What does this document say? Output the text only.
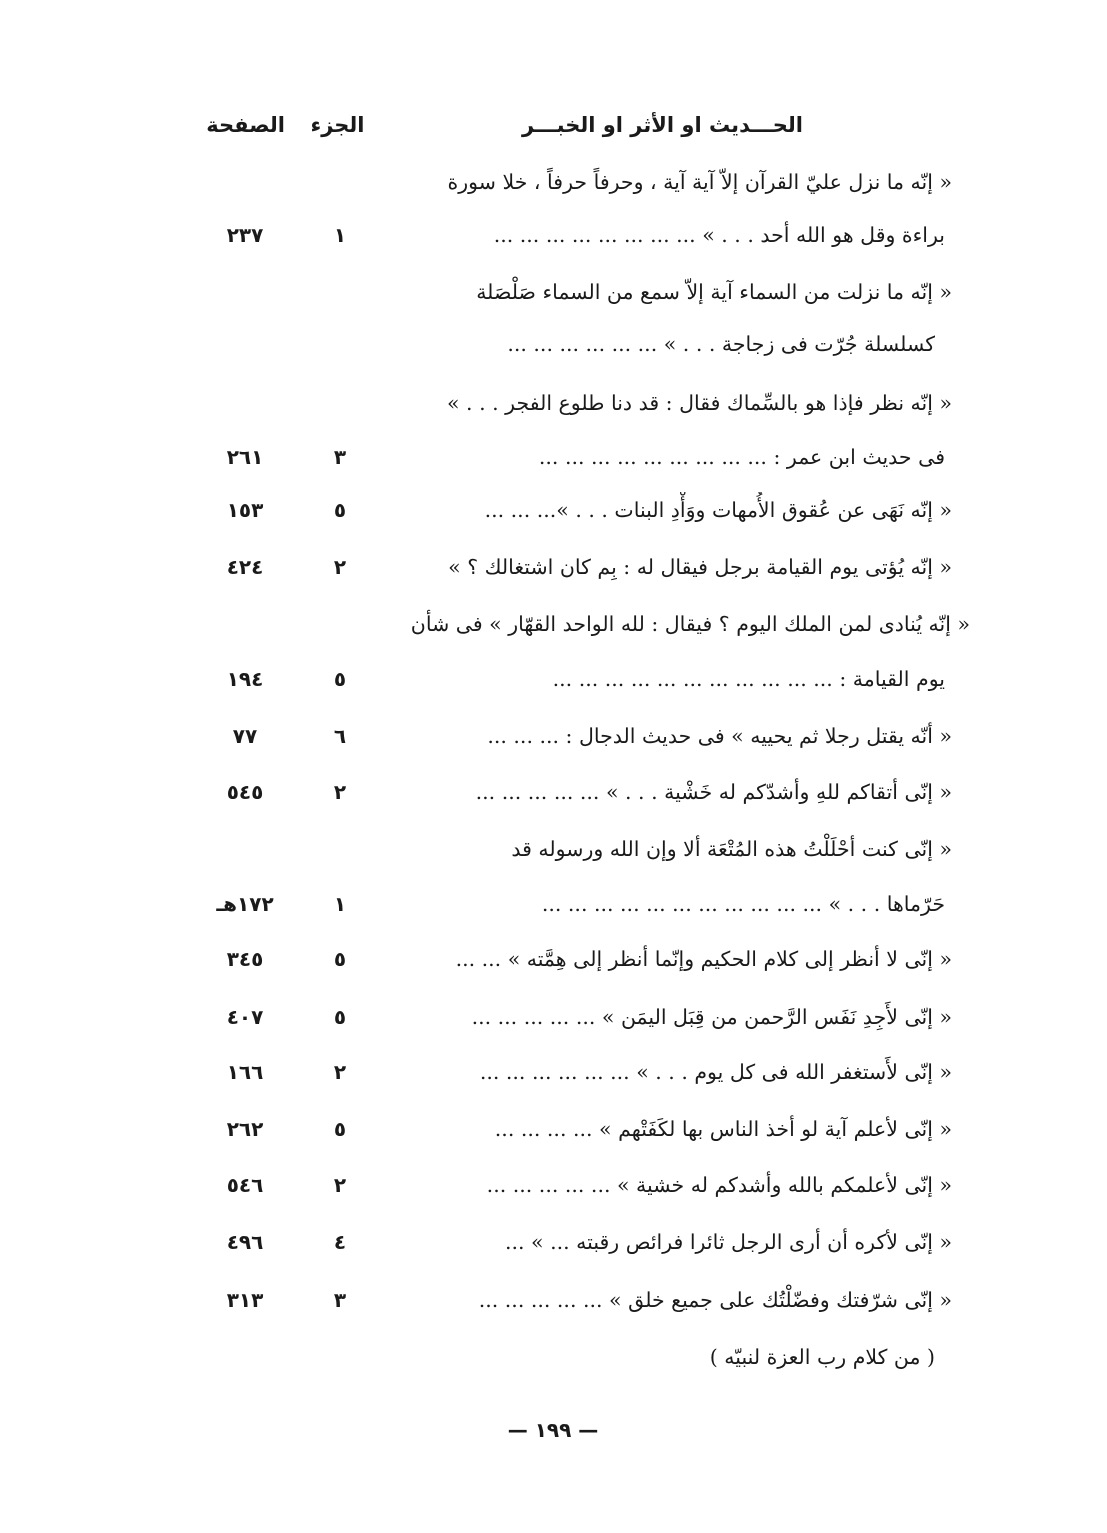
الصفحة	الجزء	الحـــديث او الأثر او الخبـــر
« إنّه ما نزل عليّ القرآن إلاّ آية آية ، وحرفاً حرفاً ، خلا سورة
٢٣٧	١	براءة وقل هو الله أحد . . . » ... ... ... ... ... ... ... ...
« إنّه ما نزلت من السماء آية إلاّ سمع من السماء صَلْصَلة
كسلسلة جُرّت فى زجاجة . . . » ... ... ... ... ... ...
« إنّه نظر فإذا هو بالسِّماك فقال : قد دنا طلوع الفجر . . . »
٢٦١	٣	فى حديث ابن عمر : ... ... ... ... ... ... ... ... ...
١٥٣	٥	« إنّه نَهَى عن عُقوق الأُمهات ووَأْدِ البنات . . . »... ... ...
٤٢٤	٢	« إنّه يُؤتى يوم القيامة برجل فيقال له : بِم كان اشتغالك ؟ »
« إنّه يُنادى لمن الملك اليوم ؟ فيقال : لله الواحد القهّار » فى شأن
١٩٤	٥	يوم القيامة : ... ... ... ... ... ... ... ... ... ... ...
٧٧	٦	« أنّه يقتل رجلا ثم يحييه » فى حديث الدجال : ... ... ...
٥٤٥	٢	« إنّى أتقاكم للهِ وأشدّكم له خَشْية . . . » ... ... ... ... ...
« إنّى كنت أحْلَلْتُ هذه المُتْعَة ألا وإن الله ورسوله قد
١٧٢هـ	١	حَرّماها . . . » ... ... ... ... ... ... ... ... ... ... ...
٣٤٥	٥	« إنّى لا أنظر إلى كلام الحكيم وإنّما أنظر إلى هِمَّته » ... ...
٤٠٧	٥	« إنّى لأَجِدِ نَفَس الرَّحمن من قِبَل اليمَن » ... ... ... ... ...
١٦٦	٢	« إنّى لأَستغفر الله فى كل يوم . . . » ... ... ... ... ... ...
٢٦٢	٥	« إنّى لأعلم آية لو أخذ الناس بها لكَفَتْهم » ... ... ... ...
٥٤٦	٢	« إنّى لأعلمكم بالله وأشدكم له خشية » ... ... ... ... ...
٤٩٦	٤	« إنّى لأكره أن أرى الرجل ثائرا فرائص رقبته ... » ...
٣١٣	٣	« إنّى شرّفتك وفضّلْتُك على جميع خلق » ... ... ... ... ...
( من كلام رب العزة لنبيّه )
— ١٩٩ —
